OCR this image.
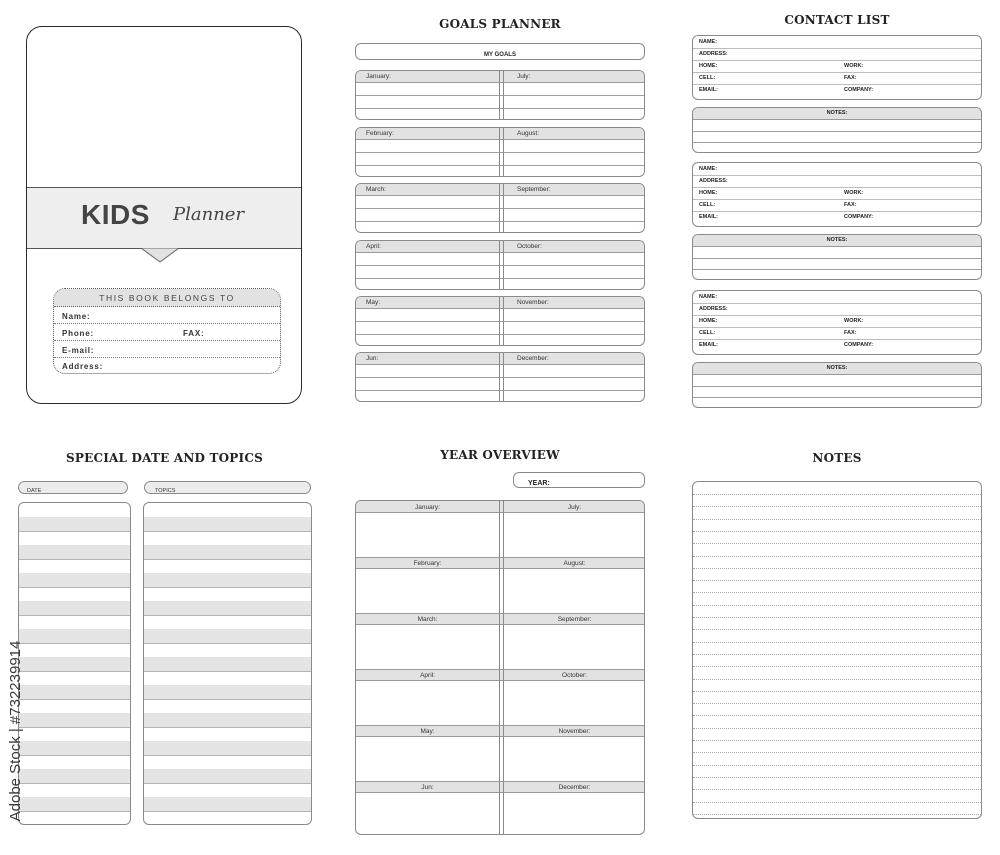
KIDS Planner
THIS BOOK BELONGS TO
Name:
Phone:	FAX:
E-mail:
Address:
GOALS PLANNER
MY GOALS
January:	July:
February:	August:
March:	September:
April:	October:
May:	November:
Jun:	December:
CONTACT LIST
NAME:
ADDRESS:
HOME:	WORK:
CELL:	FAX:
EMAIL:	COMPANY:
NOTES:
NAME:
ADDRESS:
HOME:	WORK:
CELL:	FAX:
EMAIL:	COMPANY:
NOTES:
NAME:
ADDRESS:
HOME:	WORK:
CELL:	FAX:
EMAIL:	COMPANY:
NOTES:
SPECIAL DATE AND TOPICS
DATE	TOPICS
YEAR OVERVIEW
YEAR:
January:	July:
February:	August:
March:	September:
April:	October:
May:	November:
Jun:	December:
NOTES
Adobe Stock | #732239914
